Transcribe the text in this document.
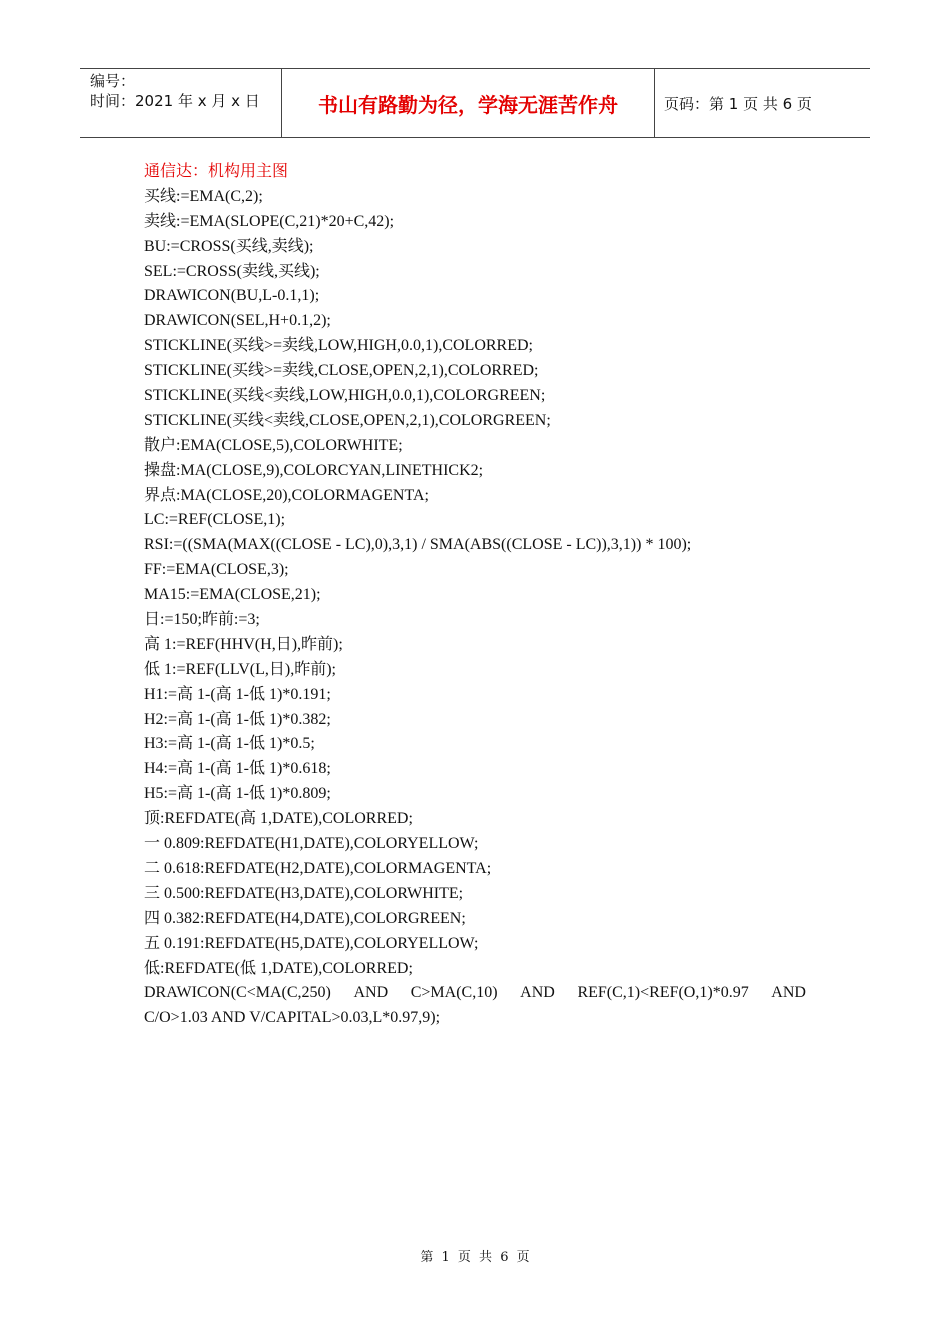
编号：
时间：2021 年 x 月 x 日	书山有路勤为径，学海无涯苦作舟	页码：第 1 页 共 6 页
通信达：机构用主图
买线:=EMA(C,2);
卖线:=EMA(SLOPE(C,21)*20+C,42);
BU:=CROSS(买线,卖线);
SEL:=CROSS(卖线,买线);
DRAWICON(BU,L-0.1,1);
DRAWICON(SEL,H+0.1,2);
STICKLINE(买线>=卖线,LOW,HIGH,0.0,1),COLORRED;
STICKLINE(买线>=卖线,CLOSE,OPEN,2,1),COLORRED;
STICKLINE(买线<卖线,LOW,HIGH,0.0,1),COLORGREEN;
STICKLINE(买线<卖线,CLOSE,OPEN,2,1),COLORGREEN;
散户:EMA(CLOSE,5),COLORWHITE;
操盘:MA(CLOSE,9),COLORCYAN,LINETHICK2;
界点:MA(CLOSE,20),COLORMAGENTA;
LC:=REF(CLOSE,1);
RSI:=((SMA(MAX((CLOSE - LC),0),3,1) / SMA(ABS((CLOSE - LC)),3,1)) * 100);
FF:=EMA(CLOSE,3);
MA15:=EMA(CLOSE,21);
日:=150;昨前:=3;
高 1:=REF(HHV(H,日),昨前);
低 1:=REF(LLV(L,日),昨前);
H1:=高 1-(高 1-低 1)*0.191;
H2:=高 1-(高 1-低 1)*0.382;
H3:=高 1-(高 1-低 1)*0.5;
H4:=高 1-(高 1-低 1)*0.618;
H5:=高 1-(高 1-低 1)*0.809;
顶:REFDATE(高 1,DATE),COLORRED;
一 0.809:REFDATE(H1,DATE),COLORYELLOW;
二 0.618:REFDATE(H2,DATE),COLORMAGENTA;
三 0.500:REFDATE(H3,DATE),COLORWHITE;
四 0.382:REFDATE(H4,DATE),COLORGREEN;
五 0.191:REFDATE(H5,DATE),COLORYELLOW;
低:REFDATE(低 1,DATE),COLORRED;
DRAWICON(C<MA(C,250) AND C>MA(C,10) AND REF(C,1)<REF(O,1)*0.97 AND
C/O>1.03 AND V/CAPITAL>0.03,L*0.97,9);
第 1 页 共 6 页
